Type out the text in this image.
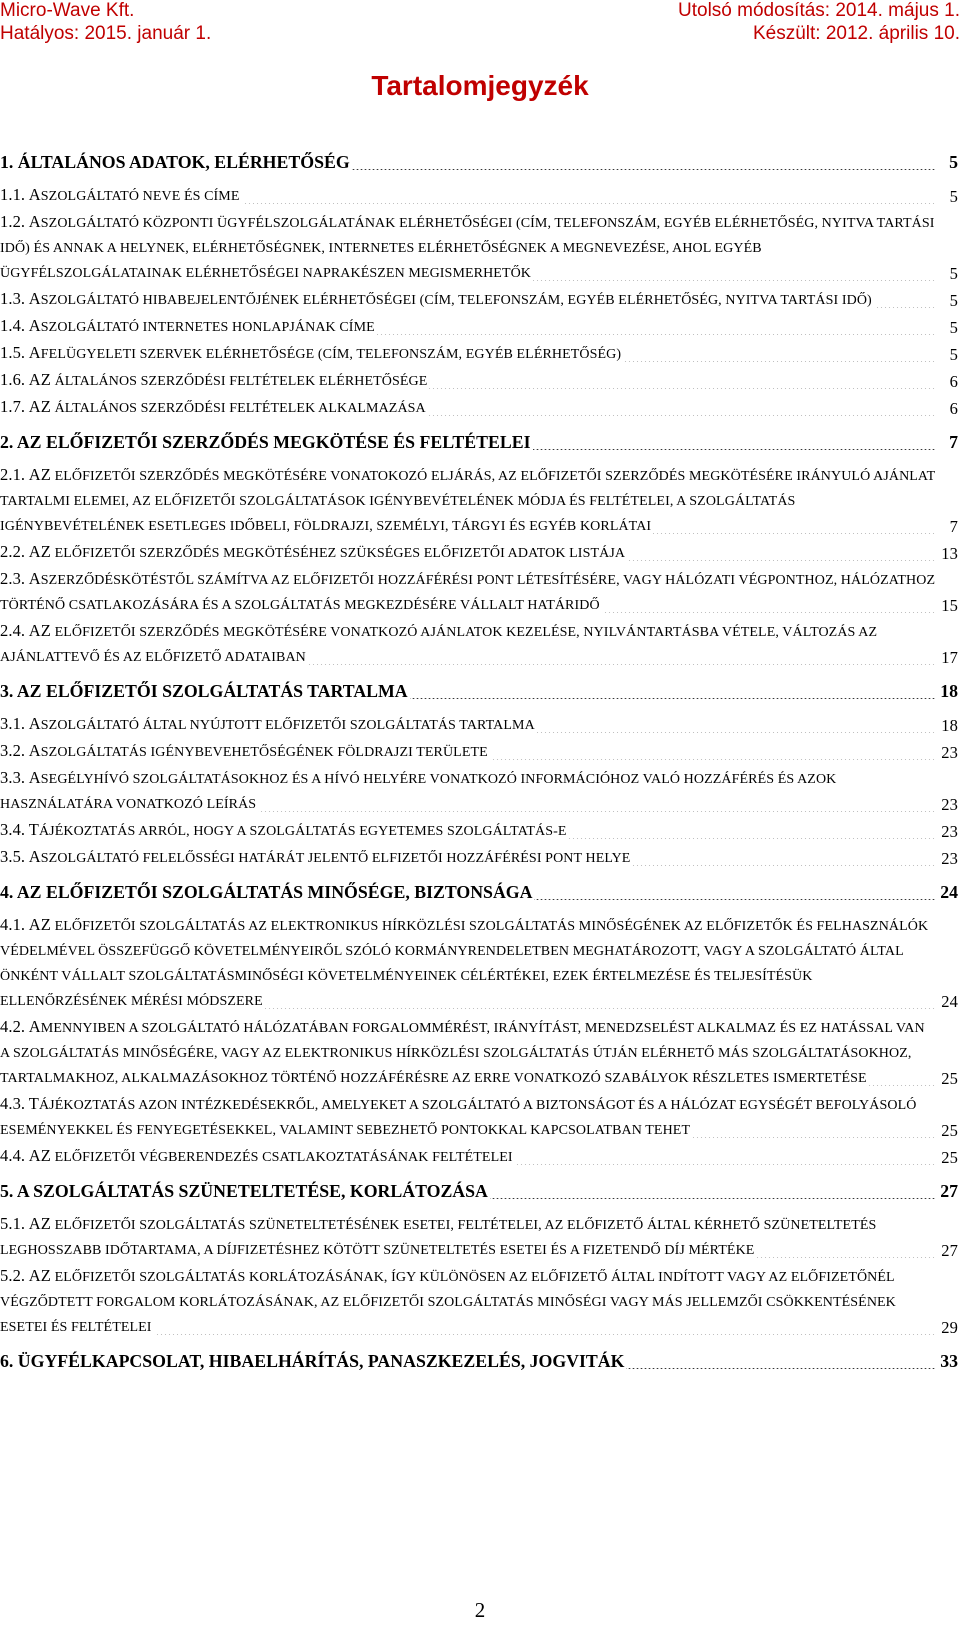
Micro-Wave Kft.	Utolsó módosítás: 2014. május 1.
Hatályos: 2015. január 1.	Készült: 2012. április 10.
Tartalomjegyzék
.....
1. ÁLTALÁNOS ADATOK, ELÉRHETŐSÉG	5
.....
1.1. ASZOLGÁLTATÓ NEVE ÉS CÍME	5
.....
1.2. ASZOLGÁLTATÓ KÖZPONTI ÜGYFÉLSZOLGÁLATÁNAK ELÉRHETŐSÉGEI (CÍM, TELEFONSZÁM, EGYÉB ELÉRHETŐSÉG, NYITVA TARTÁSI IDŐ) ÉS ANNAK A HELYNEK, ELÉRHETŐSÉGNEK, INTERNETES ELÉRHETŐSÉGNEK A MEGNEVEZÉSE, AHOL EGYÉB ÜGYFÉLSZOLGÁLATAINAK ELÉRHETŐSÉGEI NAPRAKÉSZEN MEGISMERHETŐK	5
.....
1.3. ASZOLGÁLTATÓ HIBABEJELENTŐJÉNEK ELÉRHETŐSÉGEI (CÍM, TELEFONSZÁM, EGYÉB ELÉRHETŐSÉG, NYITVA TARTÁSI IDŐ)	5
.....
1.4. ASZOLGÁLTATÓ INTERNETES HONLAPJÁNAK CÍME	5
.....
1.5. AFELÜGYELETI SZERVEK ELÉRHETŐSÉGE (CÍM, TELEFONSZÁM, EGYÉB ELÉRHETŐSÉG)	5
.....
1.6. AZ ÁLTALÁNOS SZERZŐDÉSI FELTÉTELEK ELÉRHETŐSÉGE	6
.....
1.7. AZ ÁLTALÁNOS SZERZŐDÉSI FELTÉTELEK ALKALMAZÁSA	6
.....
2. AZ ELŐFIZETŐI SZERZŐDÉS MEGKÖTÉSE ÉS FELTÉTELEI	7
.....
2.1. AZ ELŐFIZETŐI SZERZŐDÉS MEGKÖTÉSÉRE VONATOKOZÓ ELJÁRÁS, AZ ELŐFIZETŐI SZERZŐDÉS MEGKÖTÉSÉRE IRÁNYULÓ AJÁNLAT TARTALMI ELEMEI, AZ ELŐFIZETŐI SZOLGÁLTATÁSOK IGÉNYBEVÉTELÉNEK MÓDJA ÉS FELTÉTELEI, A SZOLGÁLTATÁS IGÉNYBEVÉTELÉNEK ESETLEGES IDŐBELI, FÖLDRAJZI, SZEMÉLYI, TÁRGYI ÉS EGYÉB KORLÁTAI	7
.....
2.2. AZ ELŐFIZETŐI SZERZŐDÉS MEGKÖTÉSÉHEZ SZÜKSÉGES ELŐFIZETŐI ADATOK LISTÁJA	13
.....
2.3. ASZERZŐDÉSKÖTÉSTŐL SZÁMÍTVA AZ ELŐFIZETŐI HOZZÁFÉRÉSI PONT LÉTESÍTÉSÉRE, VAGY HÁLÓZATI VÉGPONTHOZ, HÁLÓZATHOZ TÖRTÉNŐ CSATLAKOZÁSÁRA ÉS A SZOLGÁLTATÁS MEGKEZDÉSÉRE VÁLLALT HATÁRIDŐ	15
.....
2.4. AZ ELŐFIZETŐI SZERZŐDÉS MEGKÖTÉSÉRE VONATKOZÓ AJÁNLATOK KEZELÉSE, NYILVÁNTARTÁSBA VÉTELE, VÁLTOZÁS AZ AJÁNLATTEVŐ ÉS AZ ELŐFIZETŐ ADATAIBAN	17
.....
3. AZ ELŐFIZETŐI SZOLGÁLTATÁS TARTALMA	18
.....
3.1. ASZOLGÁLTATÓ ÁLTAL NYÚJTOTT ELŐFIZETŐI SZOLGÁLTATÁS TARTALMA	18
.....
3.2. ASZOLGÁLTATÁS IGÉNYBEVEHETŐSÉGÉNEK FÖLDRAJZI TERÜLETE	23
.....
3.3. ASEGÉLYHÍVÓ SZOLGÁLTATÁSOKHOZ ÉS A HÍVÓ HELYÉRE VONATKOZÓ INFORMÁCIÓHOZ VALÓ HOZZÁFÉRÉS ÉS AZOK HASZNÁLATÁRA VONATKOZÓ LEÍRÁS	23
.....
3.4. TÁJÉKOZTATÁS ARRÓL, HOGY A SZOLGÁLTATÁS EGYETEMES SZOLGÁLTATÁS-E	23
.....
3.5. ASZOLGÁLTATÓ FELELŐSSÉGI HATÁRÁT JELENTŐ ELFIZETŐI HOZZÁFÉRÉSI PONT HELYE	23
.....
4. AZ ELŐFIZETŐI SZOLGÁLTATÁS MINŐSÉGE, BIZTONSÁGA	24
.....
4.1. AZ ELŐFIZETŐI SZOLGÁLTATÁS AZ ELEKTRONIKUS HÍRKÖZLÉSI SZOLGÁLTATÁS MINŐSÉGÉNEK AZ ELŐFIZETŐK ÉS FELHASZNÁLÓK VÉDELMÉVEL ÖSSZEFÜGGŐ KÖVETELMÉNYEIRŐL SZÓLÓ KORMÁNYRENDELETBEN MEGHATÁROZOTT, VAGY A SZOLGÁLTATÓ ÁLTAL ÖNKÉNT VÁLLALT SZOLGÁLTATÁSMINŐSÉGI KÖVETELMÉNYEINEK CÉLÉRTÉKEI, EZEK ÉRTELMEZÉSE ÉS TELJESÍTÉSÜK ELLENŐRZÉSÉNEK MÉRÉSI MÓDSZERE	24
.....
4.2. AMENNYIBEN A SZOLGÁLTATÓ HÁLÓZATÁBAN FORGALOMMÉRÉST, IRÁNYÍTÁST, MENEDZSELÉST ALKALMAZ ÉS EZ HATÁSSAL VAN A SZOLGÁLTATÁS MINŐSÉGÉRE, VAGY AZ ELEKTRONIKUS HÍRKÖZLÉSI SZOLGÁLTATÁS ÚTJÁN ELÉRHETŐ MÁS SZOLGÁLTATÁSOKHOZ, TARTALMAKHOZ, ALKALMAZÁSOKHOZ TÖRTÉNŐ HOZZÁFÉRÉSRE AZ ERRE VONATKOZÓ SZABÁLYOK RÉSZLETES ISMERTETÉSE	25
.....
4.3. TÁJÉKOZTATÁS AZON INTÉZKEDÉSEKRŐL, AMELYEKET A SZOLGÁLTATÓ A BIZTONSÁGOT ÉS A HÁLÓZAT EGYSÉGÉT BEFOLYÁSOLÓ ESEMÉNYEKKEL ÉS FENYEGETÉSEKKEL, VALAMINT SEBEZHETŐ PONTOKKAL KAPCSOLATBAN TEHET	25
.....
4.4. AZ ELŐFIZETŐI VÉGBERENDEZÉS CSATLAKOZTATÁSÁNAK FELTÉTELEI	25
.....
5. A SZOLGÁLTATÁS SZÜNETELTETÉSE, KORLÁTOZÁSA	27
.....
5.1. AZ ELŐFIZETŐI SZOLGÁLTATÁS SZÜNETELTETÉSÉNEK ESETEI, FELTÉTELEI, AZ ELŐFIZETŐ ÁLTAL KÉRHETŐ SZÜNETELTETÉS LEGHOSSZABB IDŐTARTAMA, A DÍJFIZETÉSHEZ KÖTÖTT SZÜNETELTETÉS ESETEI ÉS A FIZETENDŐ DÍJ MÉRTÉKE	27
.....
5.2. AZ ELŐFIZETŐI SZOLGÁLTATÁS KORLÁTOZÁSÁNAK, ÍGY KÜLÖNÖSEN AZ ELŐFIZETŐ ÁLTAL INDÍTOTT VAGY AZ ELŐFIZETŐNÉL VÉGZŐDTETT FORGALOM KORLÁTOZÁSÁNAK, AZ ELŐFIZETŐI SZOLGÁLTATÁS MINŐSÉGI VAGY MÁS JELLEMZŐI CSÖKKENTÉSÉNEK ESETEI ÉS FELTÉTELEI	29
.....
6. ÜGYFÉLKAPCSOLAT, HIBAELHÁRÍTÁS, PANASZKEZELÉS, JOGVITÁK	33
2
